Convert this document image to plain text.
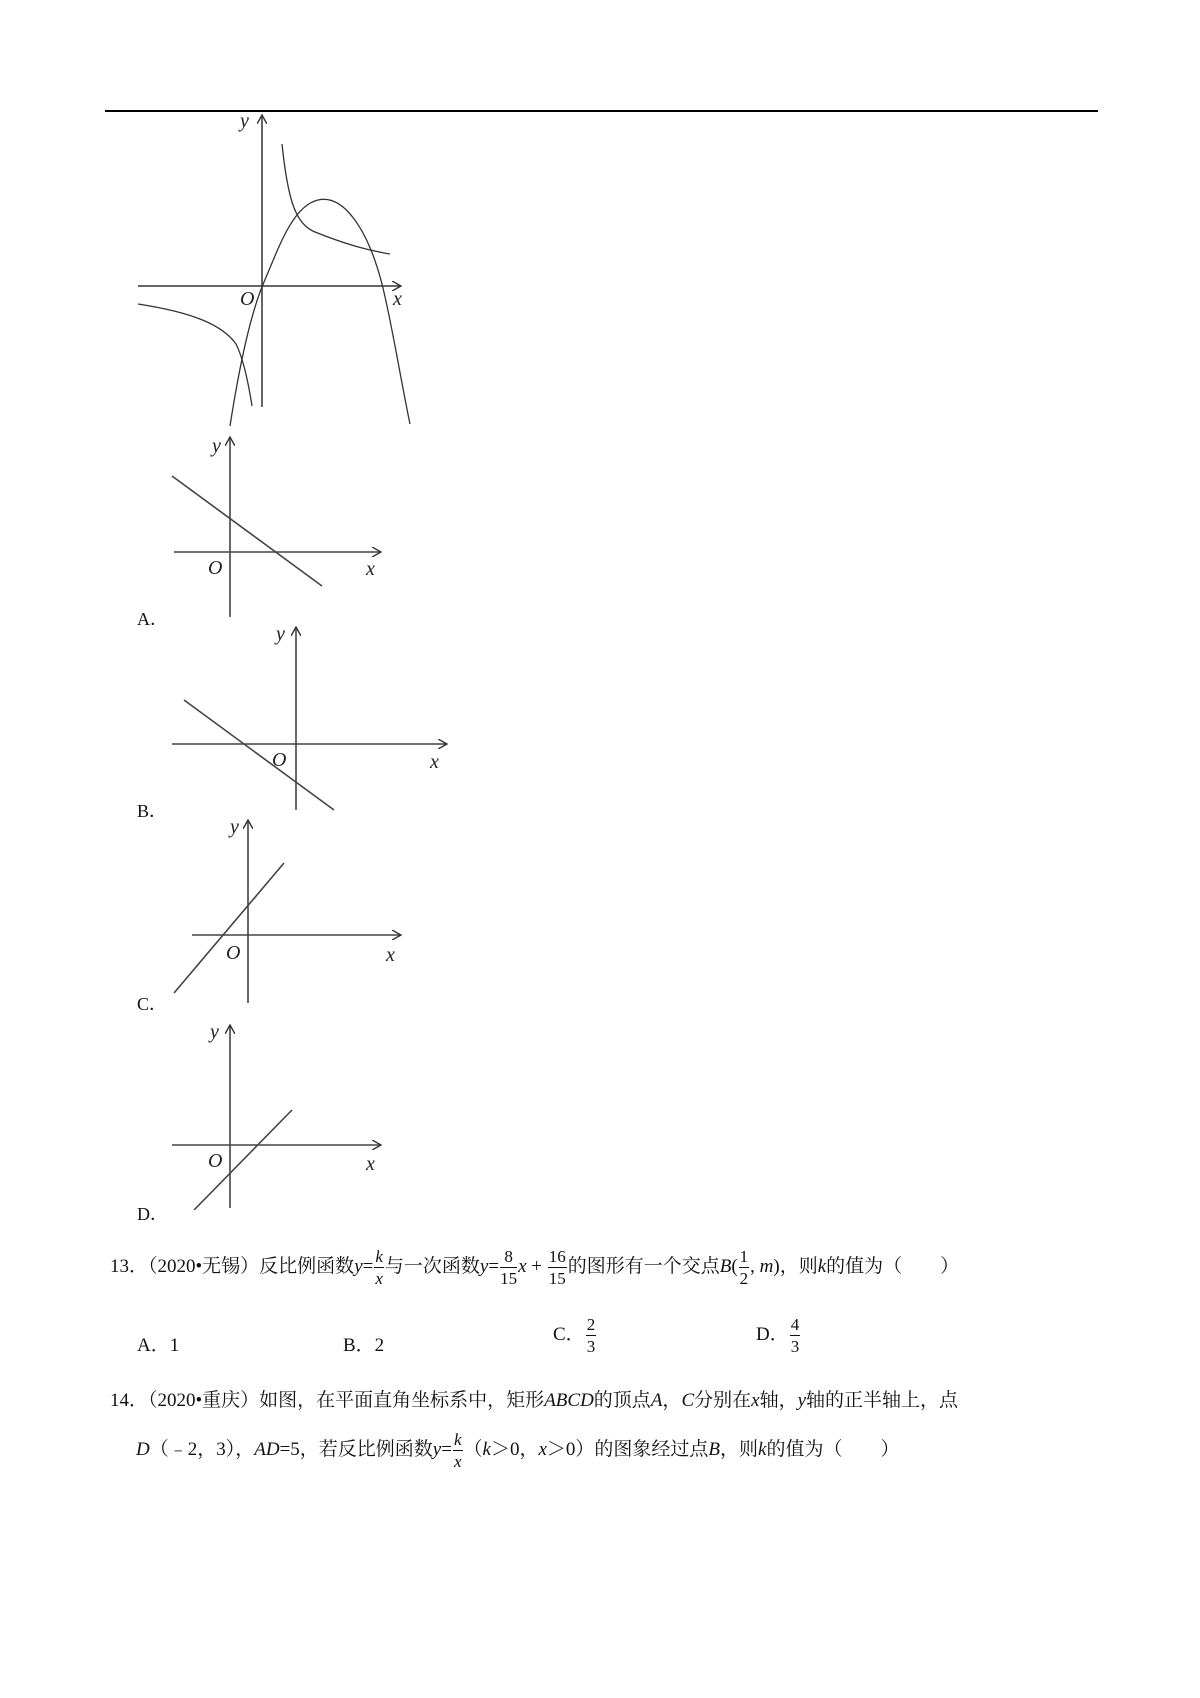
y
x
O
y
x
O
A．
y
x
O
B．
y
x
O
C．
y
x
O
D．
13．（2020•无锡）反比例函数$y= \frac{k}{x}$ 与一次函数$y= \frac{8}{15}$ $x + \frac{16}{15}$ 的图形有一个交点$B( \frac{1}{2}$ , m)，则k的值为（　　）
A．1	B．2
C． $\frac{2}{3}$	D． $\frac{4}{3}$
14．（2020•重庆）如图，在平面直角坐标系中，矩形ABCD的顶点A，C分别在x轴，y轴的正半轴上，点
D（﹣2，3），AD=5，若反比例函数$y= \frac{k}{x} (k>0$，x＞0）的图象经过点B，则k的值为（　　）
